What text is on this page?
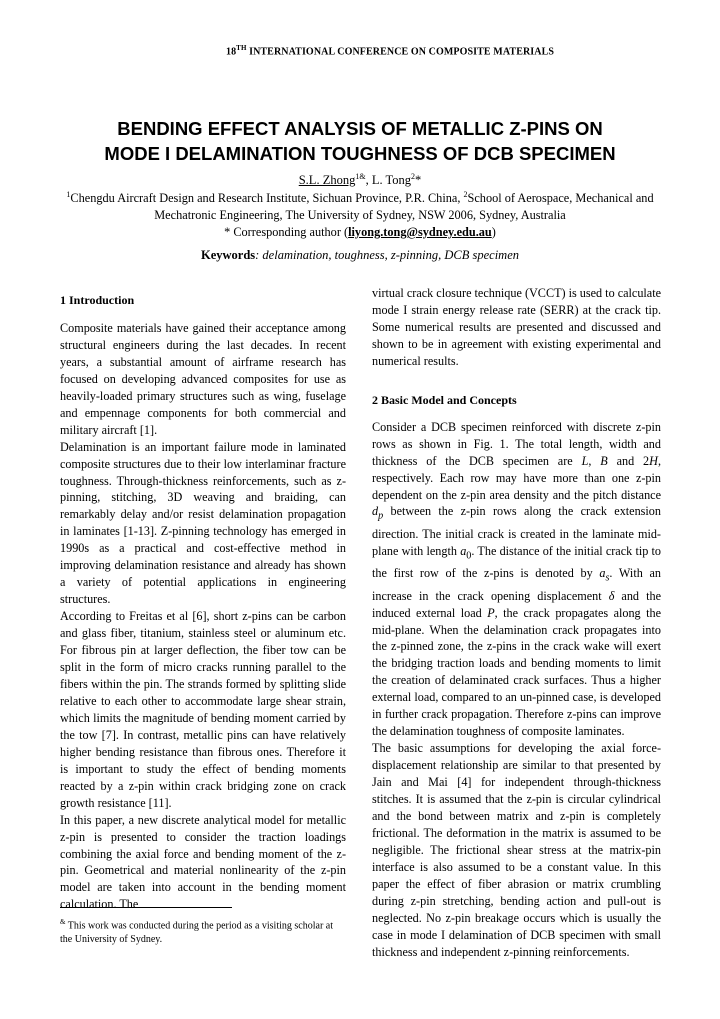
18TH INTERNATIONAL CONFERENCE ON COMPOSITE MATERIALS
BENDING EFFECT ANALYSIS OF METALLIC Z-PINS ON
MODE I DELAMINATION TOUGHNESS OF DCB SPECIMEN
S.L. Zhong$^{1\&}$, L. Tong$^2$*
$^1$Chengdu Aircraft Design and Research Institute, Sichuan Province, P.R. China, $^2$School of Aerospace, Mechanical and Mechatronic Engineering, The University of Sydney, NSW 2006, Sydney, Australia
* Corresponding author (liyong.tong@sydney.edu.au)
Keywords: delamination, toughness, z-pinning, DCB specimen
1 Introduction

Composite materials have gained their acceptance among structural engineers during the last decades. In recent years, a substantial amount of airframe research has focused on developing advanced composites for use as heavily-loaded primary structures such as wing, fuselage and empennage components for both commercial and military aircraft [1].

Delamination is an important failure mode in laminated composite structures due to their low interlaminar fracture toughness. Through-thickness reinforcements, such as z-pinning, stitching, 3D weaving and braiding, can remarkably delay and/or resist delamination propagation in laminates [1-13]. Z-pinning technology has emerged in 1990s as a practical and cost-effective method in improving delamination resistance and already has shown a variety of potential applications in engineering structures.

According to Freitas et al [6], short z-pins can be carbon and glass fiber, titanium, stainless steel or aluminum etc. For fibrous pin at larger deflection, the fiber tow can be split in the form of micro cracks running parallel to the fibers within the pin. The strands formed by splitting slide relative to each other to accommodate large shear strain, which limits the magnitude of bending moment carried by the tow [7]. In contrast, metallic pins can have relatively higher bending resistance than fibrous ones. Therefore it is important to study the effect of bending moments reacted by a z-pin within crack bridging zone on crack growth resistance [11].

In this paper, a new discrete analytical model for metallic z-pin is presented to consider the traction loadings combining the axial force and bending moment of the z-pin. Geometrical and material nonlinearity of the z-pin model are taken into account in the bending moment calculation. The

virtual crack closure technique (VCCT) is used to calculate mode I strain energy release rate (SERR) at the crack tip. Some numerical results are presented and discussed and shown to be in agreement with existing experimental and numerical results.

2 Basic Model and Concepts

Consider a DCB specimen reinforced with discrete z-pin rows as shown in Fig. 1. The total length, width and thickness of the DCB specimen are L, B and 2H, respectively. Each row may have more than one z-pin dependent on the z-pin area density and the pitch distance $d_p$ between the z-pin rows along the crack extension direction. The initial crack is created in the laminate mid-plane with length $a_0$. The distance of the initial crack tip to the first row of the z-pins is denoted by $a_s$. With an increase in the crack opening displacement δ and the induced external load P, the crack propagates along the mid-plane. When the delamination crack propagates into the z-pinned zone, the z-pins in the crack wake will exert the bridging traction loads and bending moments to limit the creation of delaminated crack surfaces. Thus a higher external load, compared to an un-pinned case, is developed in further crack propagation. Therefore z-pins can improve the delamination toughness of composite laminates.

The basic assumptions for developing the axial force-displacement relationship are similar to that presented by Jain and Mai [4] for independent through-thickness stitches. It is assumed that the z-pin is circular cylindrical and the bond between matrix and z-pin is completely frictional. The deformation in the matrix is assumed to be negligible. The frictional shear stress at the matrix-pin interface is also assumed to be a constant value. In this paper the effect of fiber abrasion or matrix crumbling during z-pin stretching, bending action and pull-out is neglected. No z-pin breakage occurs which is usually the case in mode I delamination of DCB specimen with small thickness and independent z-pinning reinforcements.

& This work was conducted during the period as a visiting scholar at the University of Sydney.
